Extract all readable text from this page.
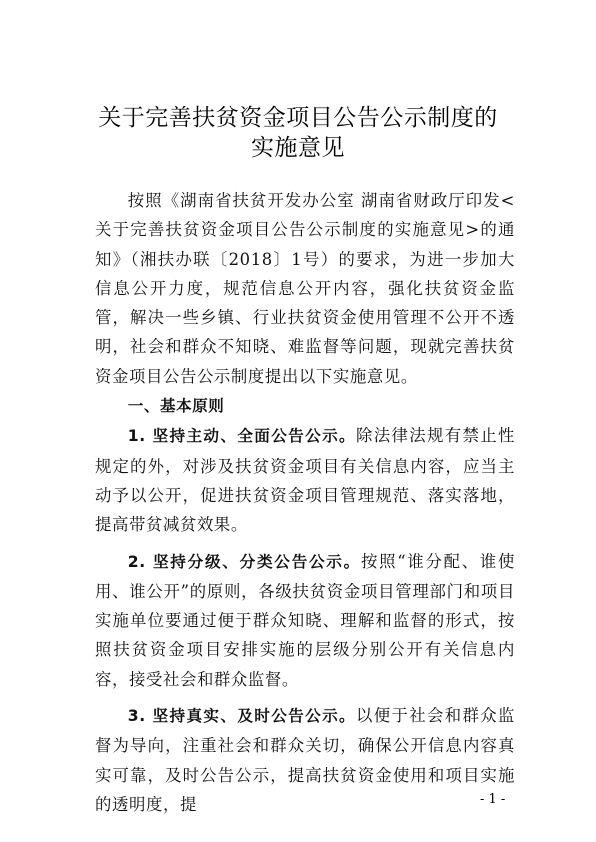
关于完善扶贫资金项目公告公示制度的
实施意见

按照《湖南省扶贫开发办公室 湖南省财政厅印发<关于完善扶贫资金项目公告公示制度的实施意见>的通知》（湘扶办联〔2018〕1号）的要求，为进一步加大信息公开力度，规范信息公开内容，强化扶贫资金监管，解决一些乡镇、行业扶贫资金使用管理不公开不透明，社会和群众不知晓、难监督等问题，现就完善扶贫资金项目公告公示制度提出以下实施意见。

一、基本原则

1. 坚持主动、全面公告公示。除法律法规有禁止性规定的外，对涉及扶贫资金项目有关信息内容，应当主动予以公开，促进扶贫资金项目管理规范、落实落地，提高带贫减贫效果。

2. 坚持分级、分类公告公示。按照“谁分配、谁使用、谁公开”的原则，各级扶贫资金项目管理部门和项目实施单位要通过便于群众知晓、理解和监督的形式，按照扶贫资金项目安排实施的层级分别公开有关信息内容，接受社会和群众监督。

3. 坚持真实、及时公告公示。以便于社会和群众监督为导向，注重社会和群众关切，确保公开信息内容真实可靠，及时公告公示，提高扶贫资金使用和项目实施的透明度，提	- 1 -
